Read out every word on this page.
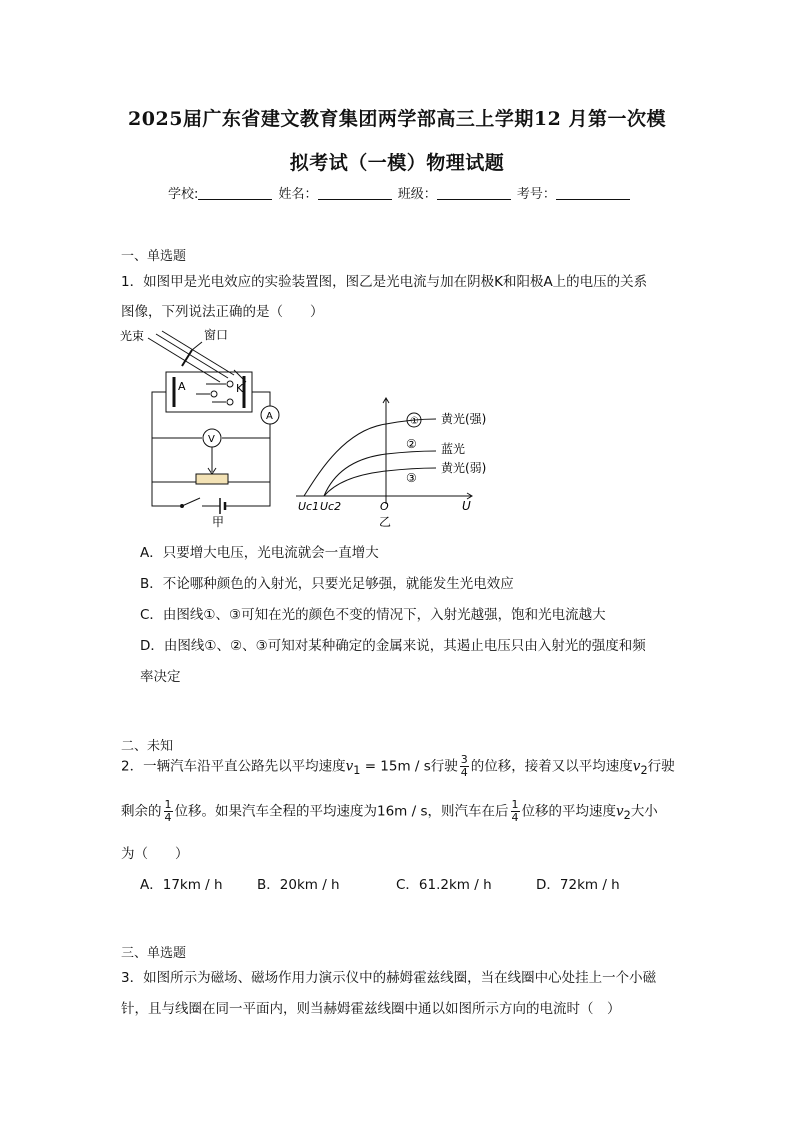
2025届广东省建文教育集团两学部高三上学期12 月第一次模
拟考试（一模）物理试题
学校:	姓名：	班级：	考号：
一、单选题
1．如图甲是光电效应的实验装置图，图乙是光电流与加在阴极K和阳极A上的电压的关系
图像，下列说法正确的是（　　）
光束	窗口
A	K
A
V
甲
① 黄光(强)
② 蓝光
③
黄光(弱)
Uc1 Uc2	O	U
乙
A．只要增大电压，光电流就会一直增大
B．不论哪种颜色的入射光，只要光足够强，就能发生光电效应
C．由图线①、③可知在光的颜色不变的情况下，入射光越强，饱和光电流越大
D．由图线①、②、③可知对某种确定的金属来说，其遏止电压只由入射光的强度和频
率决定
二、未知
2．一辆汽车沿平直公路先以平均速度$v_1 = 15m / s$行驶 $\frac{3}{4}$ 的位移，接着又以平均速度$v_2$行驶
剩余的 $\frac{1}{4}$ 位移。如果汽车全程的平均速度为16m / s，则汽车在后 $\frac{1}{4}$ 位移的平均速度$v_2$大小
为（　　）
A．17km / h	B．20km / h	C．61.2km / h	D．72km / h
三、单选题
3．如图所示为磁场、磁场作用力演示仪中的赫姆霍兹线圈，当在线圈中心处挂上一个小磁
针，且与线圈在同一平面内，则当赫姆霍兹线圈中通以如图所示方向的电流时（　）
